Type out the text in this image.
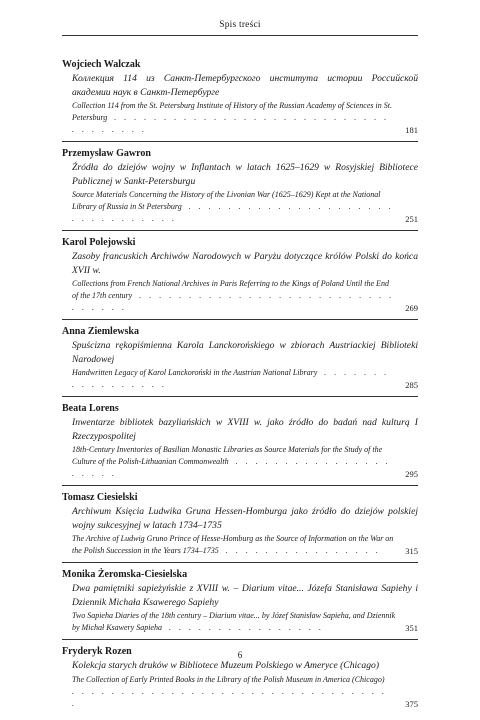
Spis treści
Wojciech Walczak
Коллекция 114 из Санкт-Петербургского института истории Российской академии наук в Санкт-Петербурге
Collection 114 from the St. Petersburg Institute of History of the Russian Academy of Sciences in St. Petersburg . . . . . . . . . . . . . . . . . . . . . . . . . . . . . . . . . . . .	181
Przemysław Gawron
Źródła do dziejów wojny w Inflantach w latach 1625–1629 w Rosyjskiej Bibliotece Publicznej w Sankt-Petersburgu
Source Materials Concerning the History of the Livonian War (1625–1629) Kept at the National Library of Russia in St Petersburg . . . . . . . . . . . . . . . . . . . . . . . . . . . . . . . .	251
Karol Polejowski
Zasoby francuskich Archiwów Narodowych w Paryżu dotyczące królów Polski do końca XVII w.
Collections from French National Archives in Paris Referring to the Kings of Poland Until the End of the 17th century . . . . . . . . . . . . . . . . . . . . . . . . . . . . . . . .	269
Anna Ziemlewska
Spuścizna rękopiśmienna Karola Lanckorońskiego w zbiorach Austriackiej Biblioteki Narodowej
Handwritten Legacy of Karol Lanckoroński in the Austrian National Library . . . . . . . . . . . . . . . . .	285
Beata Lorens
Inwentarze bibliotek bazyliańskich w XVIII w. jako źródło do badań nad kulturą I Rzeczypospolitej
18th-Century Inventories of Basilian Monastic Libraries as Source Materials for the Study of the Culture of the Polish-Lithuanian Commonwealth . . . . . . . . . . . . . . . . . . . . .	295
Tomasz Ciesielski
Archiwum Księcia Ludwika Gruna Hessen-Homburga jako źródło do dziejów polskiej wojny sukcesyjnej w latach 1734–1735
The Archive of Ludwig Gruno Prince of Hesse-Homburg as the Source of Information on the War on the Polish Succession in the Years 1734–1735 . . . . . . . . . . . . . . . .	315
Monika Żeromska-Ciesielska
Dwa pamiętniki sapieżyńskie z XVIII w. – Diarium vitae... Józefa Stanisława Sapiehy i Dziennik Michała Ksawerego Sapiehy
Two Sapieha Diaries of the 18th century – Diarium vitae... by Józef Stanisław Sapieha, and Dziennik by Michał Ksawery Sapieha . . . . . . . . . . . . . . . .	351
Fryderyk Rozen
Kolekcja starych druków w Bibliotece Muzeum Polskiego w Ameryce (Chicago)
The Collection of Early Printed Books in the Library of the Polish Museum in America (Chicago) . . . . . . . . . . . . . . . . . . . . . . . . . . . . . . . . .	375
6
